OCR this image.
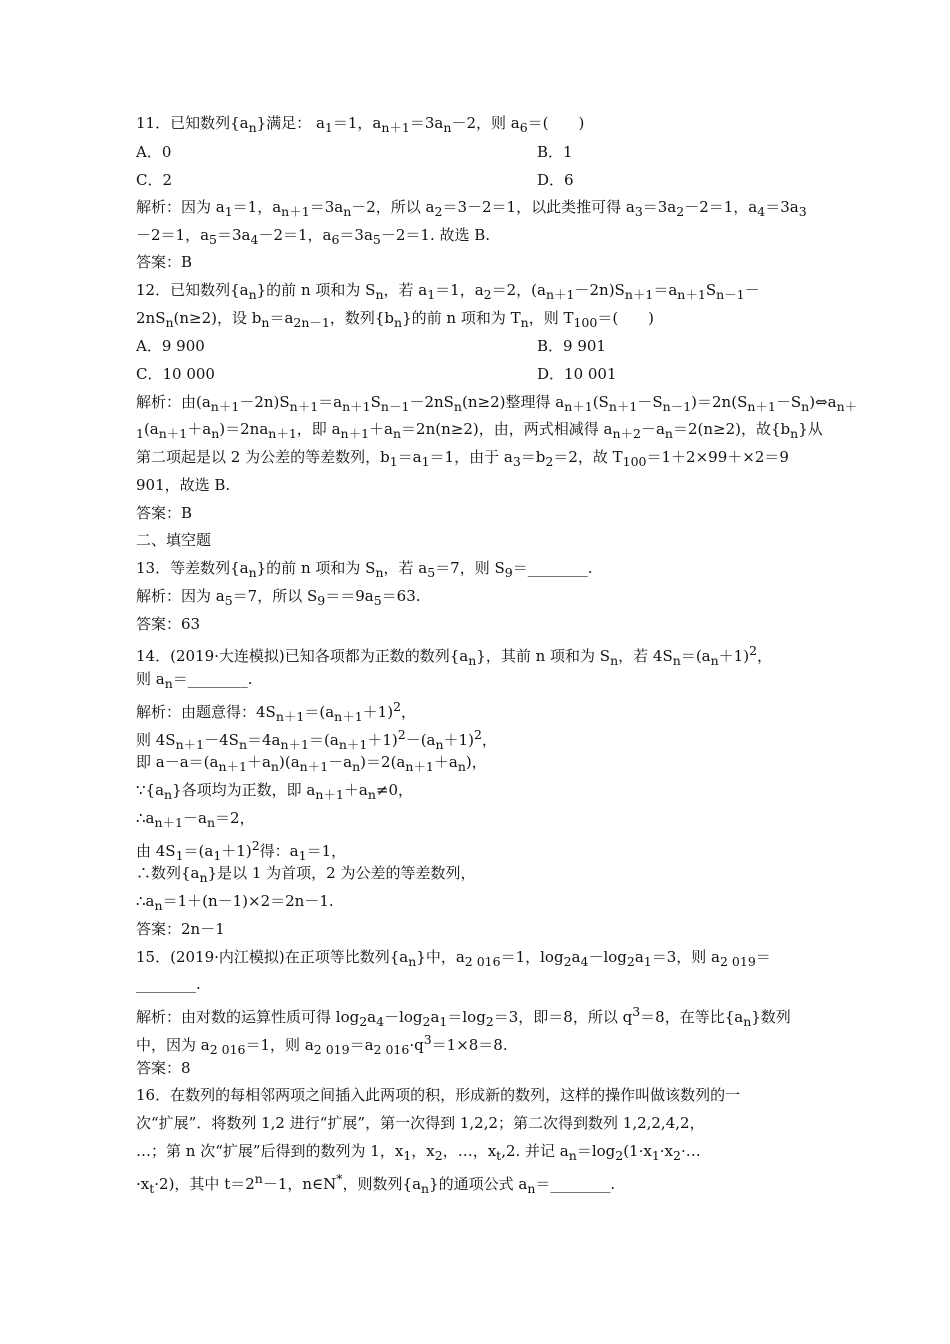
11．已知数列$\{a_n\}$满足： $a_1=1$，$a_{n+1}=3a_n-2$，则 $a_6=$(　　)
A．0	B．1
C．2	D．6
解析：因为 $a_1=1$，$a_{n+1}=3a_n-2$，所以 $a_2=3-2=1$，以此类推可得 $a_3=3a_2-2=1$，$a_4=3a_3$
－2＝1，$a_5=3a_4-2=1$，$a_6=3a_5-2=1$. 故选 B.
答案：B
12．已知数列$\{a_n\}$的前 n 项和为 $S_n$，若 $a_1=1$，$a_2=2$，$(a_{n+1}-2n)S_{n+1}=a_{n+1}S_{n-1}-$
$2nS_n(n\ge 2)$，设 $b_n=a_{2n-1}$，数列$\{b_n\}$的前 n 项和为 $T_n$，则 $T_{100}=$(　　)
A．9 900	B．9 901
C．10 000	D．10 001
解析：由$(a_{n+1}-2n)S_{n+1}=a_{n+1}S_{n-1}-2nS_n(n\ge 2)$整理得 $a_{n+1}(S_{n+1}-S_{n-1})=2n(S_{n+1}-S_n)\Leftrightarrow a_{n+}$
$_1(a_{n+1}+a_n)=2na_{n+1}$，即 $a_{n+1}+a_n=2n(n\ge 2)$，由，两式相减得 $a_{n+2}-a_n=2(n\ge 2)$，故$\{b_n\}$从
第二项起是以 2 为公差的等差数列，$b_1=a_1=1$，由于 $a_3=b_2=2$，故 $T_{100}=1+2\times 99+\times 2=9$
901，故选 B.
答案：B
二、填空题
13．等差数列$\{a_n\}$的前 n 项和为 $S_n$，若 $a_5=7$，则 $S_9=\_\_\_\_\_\_\_\_$.
解析：因为 $a_5=7$，所以 $S_9==9a_5=63$.
答案：63
14．(2019·大连模拟)已知各项都为正数的数列$\{a_n\}$，其前 n 项和为 $S_n$，若 $4S_n=(a_n+1)^2$，
则 $a_n=\_\_\_\_\_\_\_\_$.
解析：由题意得：$4S_{n+1}=(a_{n+1}+1)^2$，
则 $4S_{n+1}-4S_n=4a_{n+1}=(a_{n+1}+1)^2-(a_n+1)^2$，
即 $a-a=(a_{n+1}+a_n)(a_{n+1}-a_n)=2(a_{n+1}+a_n)$，
$\because\{a_n\}$各项均为正数，即 $a_{n+1}+a_n\ne 0$，
$\therefore a_{n+1}-a_n=2$，
由 $4S_1=(a_1+1)^2$得：$a_1=1$，
∴数列$\{a_n\}$是以 1 为首项，2 为公差的等差数列，
$\therefore a_n=1+(n-1)\times 2=2n-1$.
答案：2n－1
15．(2019·内江模拟)在正项等比数列$\{a_n\}$中，$a_{2 016}=1$，$\log_2a_4-\log_2a_1=3$，则 $a_{2 019}=$
________.
解析：由对数的运算性质可得 $\log_2a_4-\log_2a_1=\log_2=3$，即＝8，所以 $q^3=8$，在等比$\{a_n\}$数列
中，因为 $a_{2 016}=1$，则 $a_{2 019}=a_{2 016}\cdot q^3=1\times 8=8$.
答案：8
16．在数列的每相邻两项之间插入此两项的积，形成新的数列，这样的操作叫做该数列的一
次“扩展”．将数列 1,2 进行“扩展”，第一次得到 1,2,2；第二次得到数列 1,2,2,4,2，
…；第 n 次“扩展”后得到的数列为 1，$x_1$，$x_2$，…，$x_t,2$. 并记 $a_n=\log_2(1\cdot x_1\cdot x_2\cdot\dots$
$\cdot x_t\cdot 2$)，其中 $t=2^n-1$，n∈N*，则数列$\{a_n\}$的通项公式 $a_n=\_\_\_\_\_\_\_\_$.
